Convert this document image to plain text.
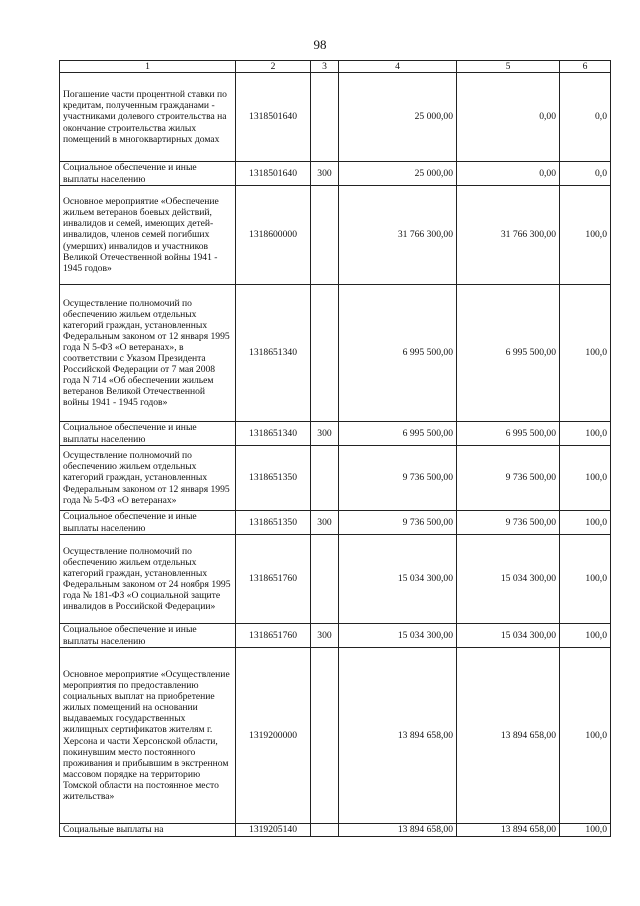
98
1	2	3	4	5	6
Погашение части процентной ставки по кредитам, полученным гражданами - участниками долевого строительства на окончание строительства жилых помещений в многоквартирных домах	1318501640		25 000,00	0,00	0,0
Социальное обеспечение и иные выплаты населению	1318501640	300	25 000,00	0,00	0,0
Основное мероприятие «Обеспечение жильем ветеранов боевых действий, инвалидов и семей, имеющих детей-инвалидов, членов семей погибших (умерших) инвалидов и участников Великой Отечественной войны 1941 - 1945 годов»	1318600000		31 766 300,00	31 766 300,00	100,0
Осуществление полномочий по обеспечению жильем отдельных категорий граждан, установленных Федеральным законом от 12 января 1995 года N 5-ФЗ «О ветеранах», в соответствии с Указом Президента Российской Федерации от 7 мая 2008 года N 714 «Об обеспечении жильем ветеранов Великой Отечественной войны 1941 - 1945 годов»	1318651340		6 995 500,00	6 995 500,00	100,0
Социальное обеспечение и иные выплаты населению	1318651340	300	6 995 500,00	6 995 500,00	100,0
Осуществление полномочий по обеспечению жильем отдельных категорий граждан, установленных Федеральным законом от 12 января 1995 года № 5-ФЗ «О ветеранах»	1318651350		9 736 500,00	9 736 500,00	100,0
Социальное обеспечение и иные выплаты населению	1318651350	300	9 736 500,00	9 736 500,00	100,0
Осуществление полномочий по обеспечению жильем отдельных категорий граждан, установленных Федеральным законом от 24 ноября 1995 года № 181-ФЗ «О социальной защите инвалидов в Российской Федерации»	1318651760		15 034 300,00	15 034 300,00	100,0
Социальное обеспечение и иные выплаты населению	1318651760	300	15 034 300,00	15 034 300,00	100,0
Основное мероприятие «Осуществление мероприятия по предоставлению социальных выплат на приобретение жилых помещений на основании выдаваемых государственных жилищных сертификатов жителям г. Херсона и части Херсонской области, покинувшим место постоянного проживания и прибывшим в экстренном массовом порядке на территорию Томской области на постоянное место жительства»	1319200000		13 894 658,00	13 894 658,00	100,0
Социальные выплаты на	1319205140		13 894 658,00	13 894 658,00	100,0
